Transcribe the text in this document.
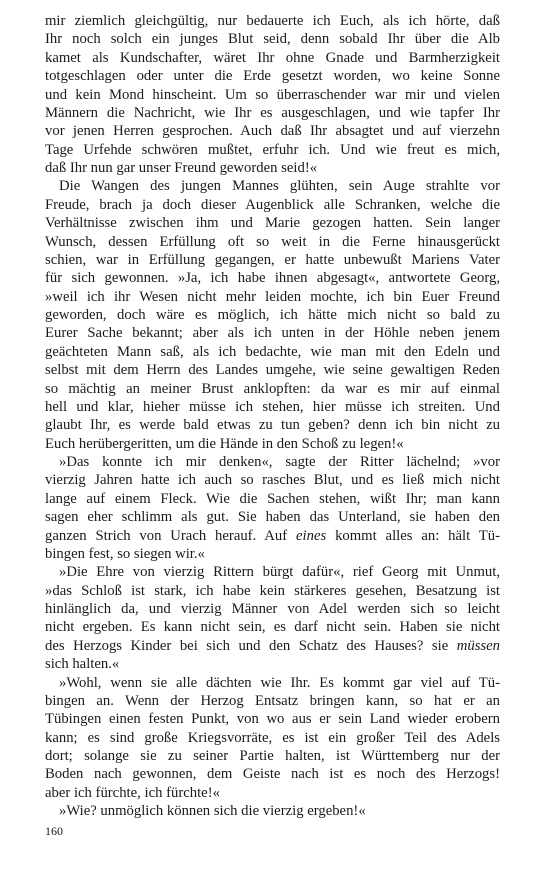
mir ziemlich gleichgültig, nur bedauerte ich Euch, als ich hörte, daß
Ihr noch solch ein junges Blut seid, denn sobald Ihr über die Alb
kamet als Kundschafter, wäret Ihr ohne Gnade und Barmherzigkeit
totgeschlagen oder unter die Erde gesetzt worden, wo keine Sonne
und kein Mond hinscheint. Um so überraschender war mir und vielen
Männern die Nachricht, wie Ihr es ausgeschlagen, und wie tapfer Ihr
vor jenen Herren gesprochen. Auch daß Ihr absagtet und auf vierzehn
Tage Urfehde schwören mußtet, erfuhr ich. Und wie freut es mich,
daß Ihr nun gar unser Freund geworden seid!«
Die Wangen des jungen Mannes glühten, sein Auge strahlte vor
Freude, brach ja doch dieser Augenblick alle Schranken, welche die
Verhältnisse zwischen ihm und Marie gezogen hatten. Sein langer
Wunsch, dessen Erfüllung oft so weit in die Ferne hinausgerückt
schien, war in Erfüllung gegangen, er hatte unbewußt Mariens Vater
für sich gewonnen. »Ja, ich habe ihnen abgesagt«, antwortete Georg,
»weil ich ihr Wesen nicht mehr leiden mochte, ich bin Euer Freund
geworden, doch wäre es möglich, ich hätte mich nicht so bald zu
Eurer Sache bekannt; aber als ich unten in der Höhle neben jenem
geächteten Mann saß, als ich bedachte, wie man mit den Edeln und
selbst mit dem Herrn des Landes umgehe, wie seine gewaltigen Reden
so mächtig an meiner Brust anklopften: da war es mir auf einmal
hell und klar, hieher müsse ich stehen, hier müsse ich streiten. Und
glaubt Ihr, es werde bald etwas zu tun geben? denn ich bin nicht zu
Euch herübergeritten, um die Hände in den Schoß zu legen!«
»Das konnte ich mir denken«, sagte der Ritter lächelnd; »vor
vierzig Jahren hatte ich auch so rasches Blut, und es ließ mich nicht
lange auf einem Fleck. Wie die Sachen stehen, wißt Ihr; man kann
sagen eher schlimm als gut. Sie haben das Unterland, sie haben den
ganzen Strich von Urach herauf. Auf eines kommt alles an: hält Tü-
bingen fest, so siegen wir.«
»Die Ehre von vierzig Rittern bürgt dafür«, rief Georg mit Unmut,
»das Schloß ist stark, ich habe kein stärkeres gesehen, Besatzung ist
hinlänglich da, und vierzig Männer von Adel werden sich so leicht
nicht ergeben. Es kann nicht sein, es darf nicht sein. Haben sie nicht
des Herzogs Kinder bei sich und den Schatz des Hauses? sie müssen
sich halten.«
»Wohl, wenn sie alle dächten wie Ihr. Es kommt gar viel auf Tü-
bingen an. Wenn der Herzog Entsatz bringen kann, so hat er an
Tübingen einen festen Punkt, von wo aus er sein Land wieder erobern
kann; es sind große Kriegsvorräte, es ist ein großer Teil des Adels
dort; solange sie zu seiner Partie halten, ist Württemberg nur der
Boden nach gewonnen, dem Geiste nach ist es noch des Herzogs!
aber ich fürchte, ich fürchte!«
»Wie? unmöglich können sich die vierzig ergeben!«
160
